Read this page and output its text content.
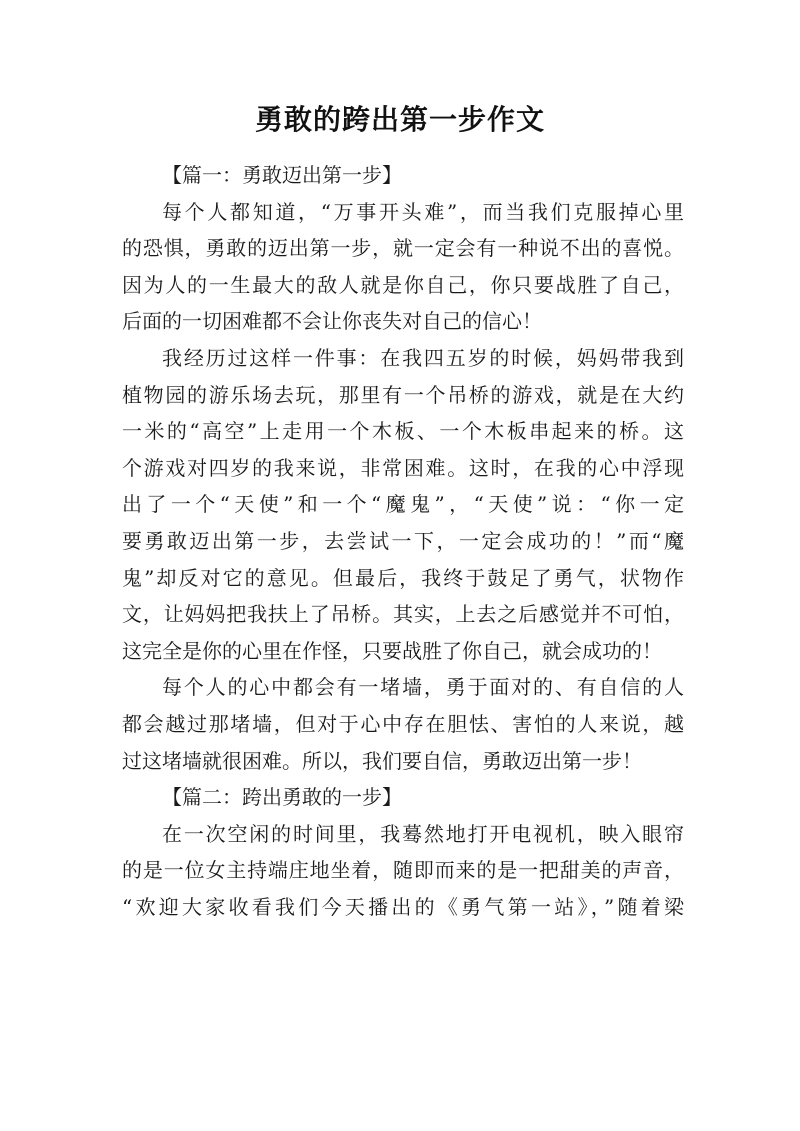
勇敢的跨出第一步作文
【篇一：勇敢迈出第一步】
每个人都知道，“万事开头难”，而当我们克服掉心里
的恐惧，勇敢的迈出第一步，就一定会有一种说不出的喜悦。
因为人的一生最大的敌人就是你自己，你只要战胜了自己，
后面的一切困难都不会让你丧失对自己的信心！
我经历过这样一件事：在我四五岁的时候，妈妈带我到
植物园的游乐场去玩，那里有一个吊桥的游戏，就是在大约
一米的“高空”上走用一个木板、一个木板串起来的桥。这
个游戏对四岁的我来说，非常困难。这时，在我的心中浮现
出了一个“天使”和一个“魔鬼”，“天使”说：“你一定
要勇敢迈出第一步，去尝试一下，一定会成功的！”而“魔
鬼”却反对它的意见。但最后，我终于鼓足了勇气，状物作
文，让妈妈把我扶上了吊桥。其实，上去之后感觉并不可怕，
这完全是你的心里在作怪，只要战胜了你自己，就会成功的！
每个人的心中都会有一堵墙，勇于面对的、有自信的人
都会越过那堵墙，但对于心中存在胆怯、害怕的人来说，越
过这堵墙就很困难。所以，我们要自信，勇敢迈出第一步！
【篇二：跨出勇敢的一步】
在一次空闲的时间里，我蓦然地打开电视机，映入眼帘
的是一位女主持端庄地坐着，随即而来的是一把甜美的声音，
“欢迎大家收看我们今天播出的《勇气第一站》，”随着梁
